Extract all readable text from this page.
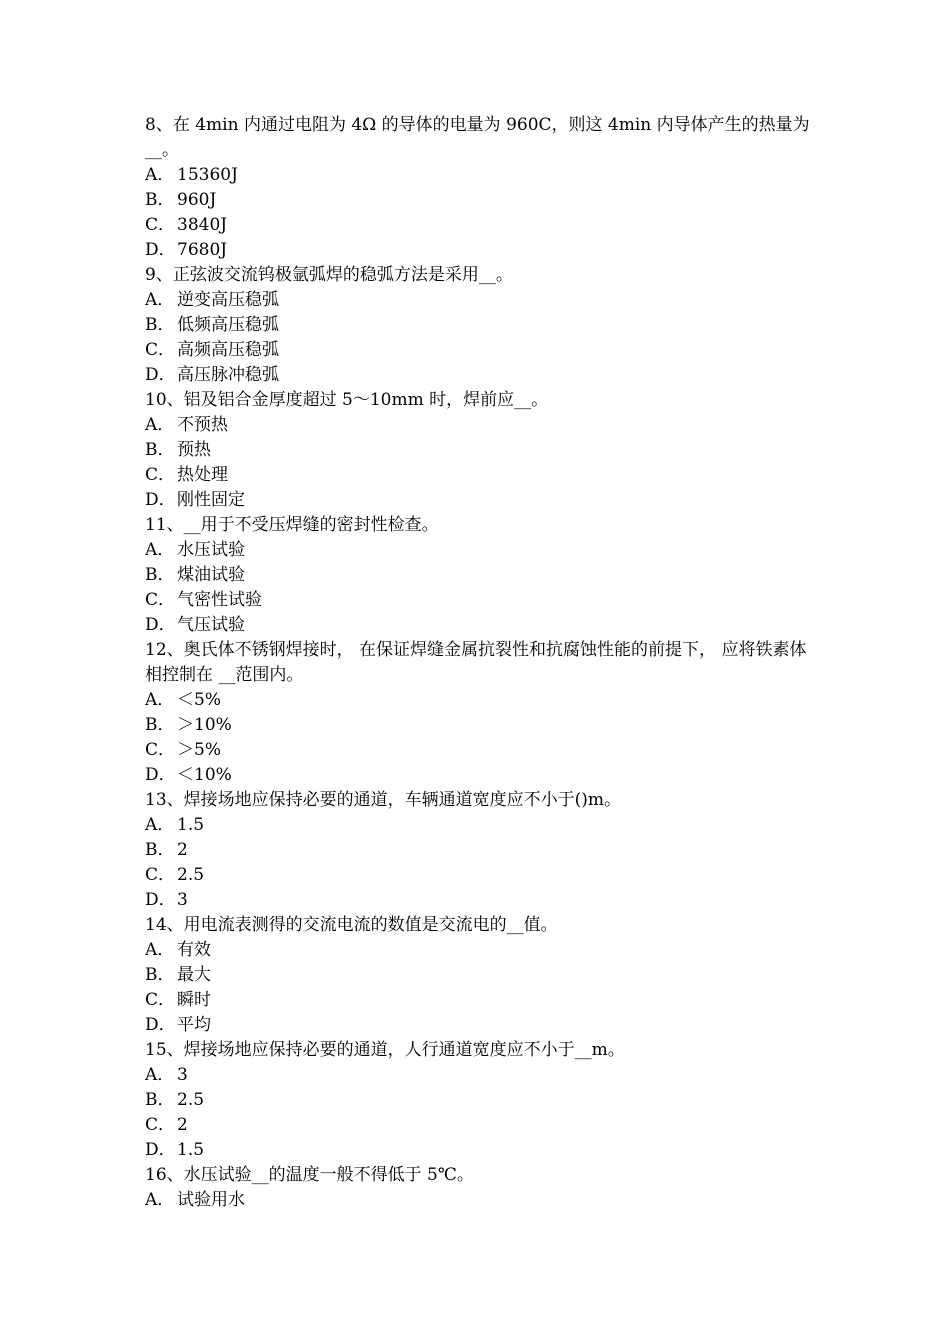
8、在 4min 内通过电阻为 4Ω 的导体的电量为 960C，则这 4min 内导体产生的热量为__。
A． 15360J
B． 960J
C． 3840J
D． 7680J
9、正弦波交流钨极氩弧焊的稳弧方法是采用__。
A． 逆变高压稳弧
B． 低频高压稳弧
C． 高频高压稳弧
D． 高压脉冲稳弧
10、铝及铝合金厚度超过 5～10mm 时，焊前应__。
A． 不预热
B． 预热
C． 热处理
D． 刚性固定
11、__用于不受压焊缝的密封性检查。
A． 水压试验
B． 煤油试验
C． 气密性试验
D． 气压试验
12、奥氏体不锈钢焊接时， 在保证焊缝金属抗裂性和抗腐蚀性能的前提下， 应将铁素体相控制在 __范围内。
A． ＜5%
B． ＞10%
C． ＞5%
D． ＜10%
13、焊接场地应保持必要的通道，车辆通道宽度应不小于()m。
A． 1.5
B． 2
C． 2.5
D． 3
14、用电流表测得的交流电流的数值是交流电的__值。
A． 有效
B． 最大
C． 瞬时
D． 平均
15、焊接场地应保持必要的通道，人行通道宽度应不小于__m。
A． 3
B． 2.5
C． 2
D． 1.5
16、水压试验__的温度一般不得低于 5℃。
A． 试验用水
